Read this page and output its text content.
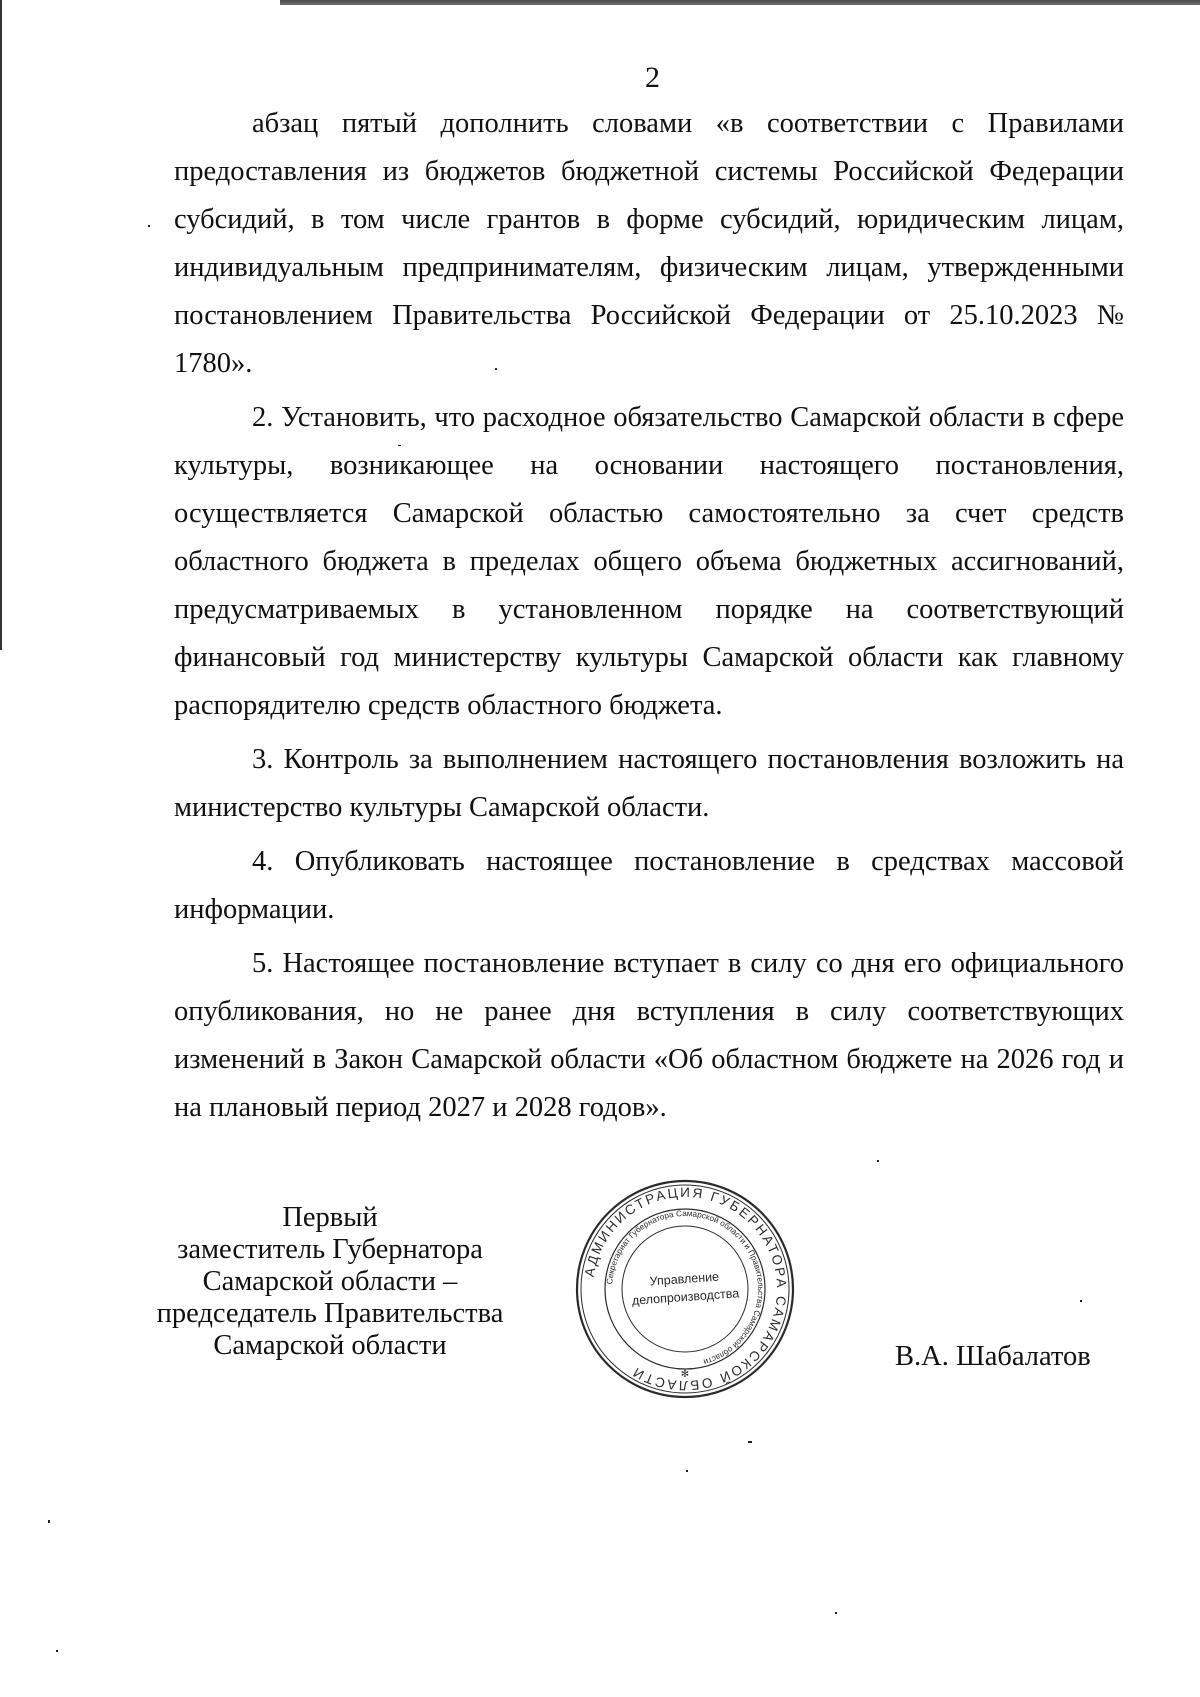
2

абзац пятый дополнить словами «в соответствии с Правилами предоставления из бюджетов бюджетной системы Российской Федерации субсидий, в том числе грантов в форме субсидий, юридическим лицам, индивидуальным предпринимателям, физическим лицам, утвержденными постановлением Правительства Российской Федерации от 25.10.2023 № 1780».

2. Установить, что расходное обязательство Самарской области в сфере культуры, возникающее на основании настоящего постановления, осуществляется Самарской областью самостоятельно за счет средств областного бюджета в пределах общего объема бюджетных ассигнований, предусматриваемых в установленном порядке на соответствующий финансовый год министерству культуры Самарской области как главному распорядителю средств областного бюджета.

3. Контроль за выполнением настоящего постановления возложить на министерство культуры Самарской области.

4. Опубликовать настоящее постановление в средствах массовой информации.

5. Настоящее постановление вступает в силу со дня его официального опубликования, но не ранее дня вступления в силу соответствующих изменений в Закон Самарской области «Об областном бюджете на 2026 год и на плановый период 2027 и 2028 годов».

Первый
заместитель Губернатора
Самарской области –
председатель Правительства
Самарской области
АДМИНИСТРАЦИЯ ГУБЕРНАТОРА САМАРСКОЙ ОБЛАСТИ
Секретариат Губернатора Самарской области и Правительства Самарской области
Управление
делопроизводства
✻
В.А. Шабалатов
